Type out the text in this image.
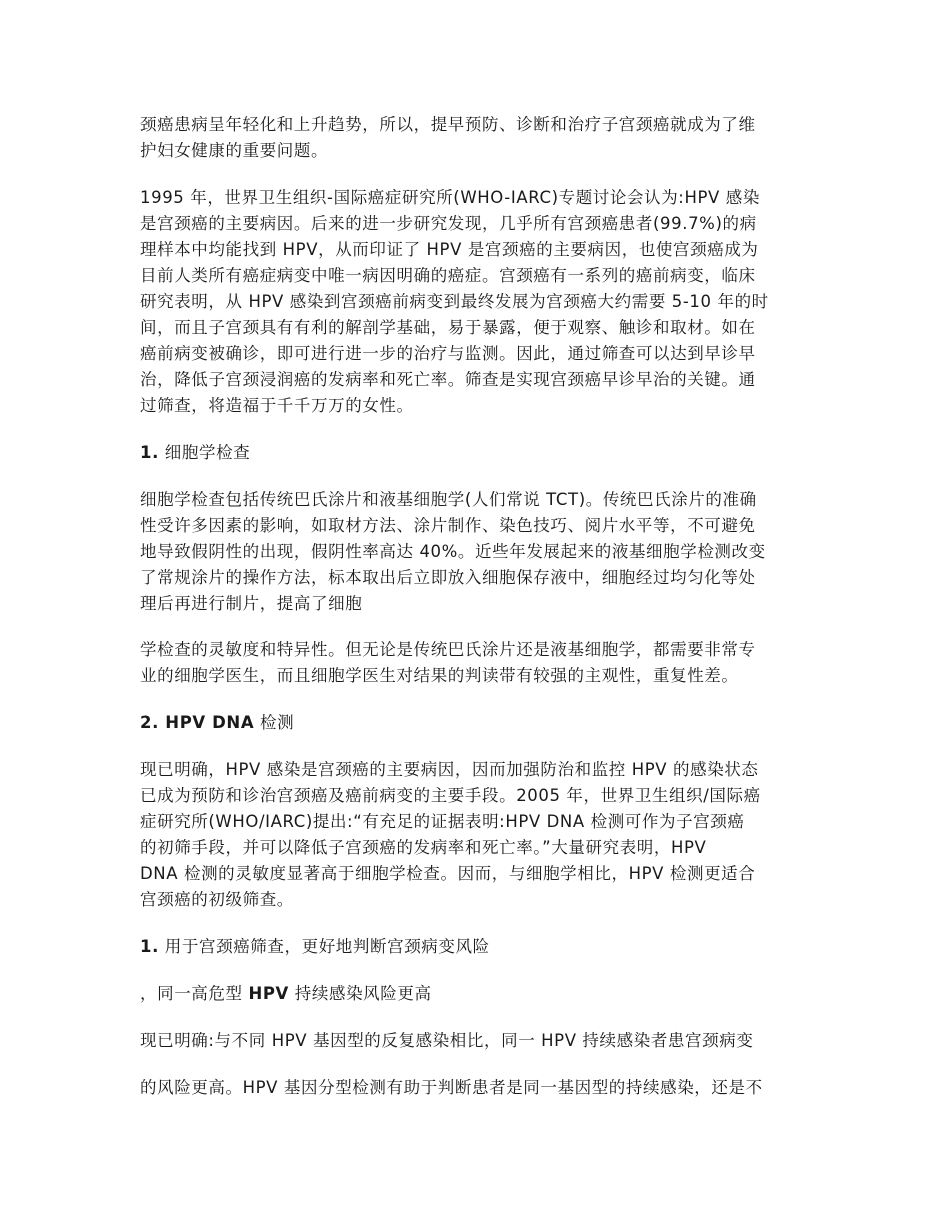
颈癌患病呈年轻化和上升趋势，所以，提早预防、诊断和治疗子宫颈癌就成为了维
护妇女健康的重要问题。
1995 年，世界卫生组织-国际癌症研究所(WHO-IARC)专题讨论会认为:HPV 感染
是宫颈癌的主要病因。后来的进一步研究发现，几乎所有宫颈癌患者(99.7%)的病
理样本中均能找到 HPV，从而印证了 HPV 是宫颈癌的主要病因，也使宫颈癌成为
目前人类所有癌症病变中唯一病因明确的癌症。宫颈癌有一系列的癌前病变，临床
研究表明，从 HPV 感染到宫颈癌前病变到最终发展为宫颈癌大约需要 5-10 年的时
间，而且子宫颈具有有利的解剖学基础，易于暴露，便于观察、触诊和取材。如在
癌前病变被确诊，即可进行进一步的治疗与监测。因此，通过筛查可以达到早诊早
治，降低子宫颈浸润癌的发病率和死亡率。筛查是实现宫颈癌早诊早治的关键。通
过筛查，将造福于千千万万的女性。
1. 细胞学检查
细胞学检查包括传统巴氏涂片和液基细胞学(人们常说 TCT)。传统巴氏涂片的准确
性受许多因素的影响，如取材方法、涂片制作、染色技巧、阅片水平等，不可避免
地导致假阴性的出现，假阴性率高达 40%。近些年发展起来的液基细胞学检测改变
了常规涂片的操作方法，标本取出后立即放入细胞保存液中，细胞经过均匀化等处
理后再进行制片，提高了细胞
学检查的灵敏度和特异性。但无论是传统巴氏涂片还是液基细胞学，都需要非常专
业的细胞学医生，而且细胞学医生对结果的判读带有较强的主观性，重复性差。
2. HPV DNA 检测
现已明确，HPV 感染是宫颈癌的主要病因，因而加强防治和监控 HPV 的感染状态
已成为预防和诊治宫颈癌及癌前病变的主要手段。2005 年，世界卫生组织/国际癌
症研究所(WHO/IARC)提出:“有充足的证据表明:HPV DNA 检测可作为子宫颈癌
的初筛手段，并可以降低子宫颈癌的发病率和死亡率。”大量研究表明，HPV
DNA 检测的灵敏度显著高于细胞学检查。因而，与细胞学相比，HPV 检测更适合
宫颈癌的初级筛查。
1. 用于宫颈癌筛查，更好地判断宫颈病变风险
，同一高危型 HPV 持续感染风险更高
现已明确:与不同 HPV 基因型的反复感染相比，同一 HPV 持续感染者患宫颈病变
的风险更高。HPV 基因分型检测有助于判断患者是同一基因型的持续感染，还是不
